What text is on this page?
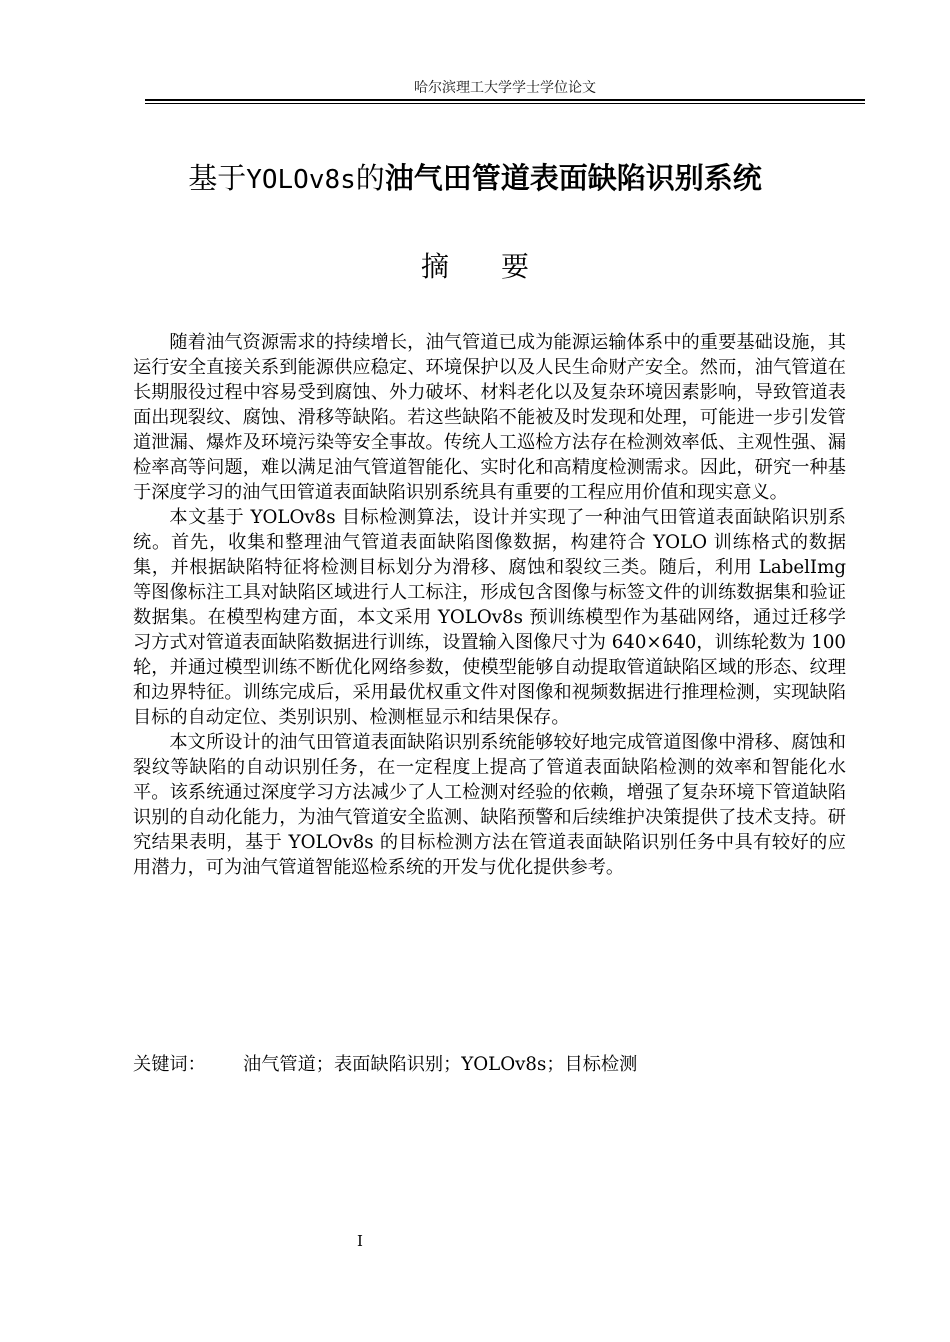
哈尔滨理工大学学士学位论文
基于YOLOv8s的油气田管道表面缺陷识别系统
摘要

随着油气资源需求的持续增长，油气管道已成为能源运输体系中的重要基础设施，其运行安全直接关系到能源供应稳定、环境保护以及人民生命财产安全。然而，油气管道在长期服役过程中容易受到腐蚀、外力破坏、材料老化以及复杂环境因素影响，导致管道表面出现裂纹、腐蚀、滑移等缺陷。若这些缺陷不能被及时发现和处理，可能进一步引发管道泄漏、爆炸及环境污染等安全事故。传统人工巡检方法存在检测效率低、主观性强、漏检率高等问题，难以满足油气管道智能化、实时化和高精度检测需求。因此，研究一种基于深度学习的油气田管道表面缺陷识别系统具有重要的工程应用价值和现实意义。

本文基于 YOLOv8s 目标检测算法，设计并实现了一种油气田管道表面缺陷识别系统。首先，收集和整理油气管道表面缺陷图像数据，构建符合 YOLO 训练格式的数据集，并根据缺陷特征将检测目标划分为滑移、腐蚀和裂纹三类。随后，利用 LabelImg 等图像标注工具对缺陷区域进行人工标注，形成包含图像与标签文件的训练数据集和验证数据集。在模型构建方面，本文采用 YOLOv8s 预训练模型作为基础网络，通过迁移学习方式对管道表面缺陷数据进行训练，设置输入图像尺寸为 640×640，训练轮数为 100 轮，并通过模型训练不断优化网络参数，使模型能够自动提取管道缺陷区域的形态、纹理和边界特征。训练完成后，采用最优权重文件对图像和视频数据进行推理检测，实现缺陷目标的自动定位、类别识别、检测框显示和结果保存。

本文所设计的油气田管道表面缺陷识别系统能够较好地完成管道图像中滑移、腐蚀和裂纹等缺陷的自动识别任务，在一定程度上提高了管道表面缺陷检测的效率和智能化水平。该系统通过深度学习方法减少了人工检测对经验的依赖，增强了复杂环境下管道缺陷识别的自动化能力，为油气管道安全监测、缺陷预警和后续维护决策提供了技术支持。研究结果表明，基于 YOLOv8s 的目标检测方法在管道表面缺陷识别任务中具有较好的应用潜力，可为油气管道智能巡检系统的开发与优化提供参考。

关键词： 油气管道；表面缺陷识别；YOLOv8s；目标检测
I
